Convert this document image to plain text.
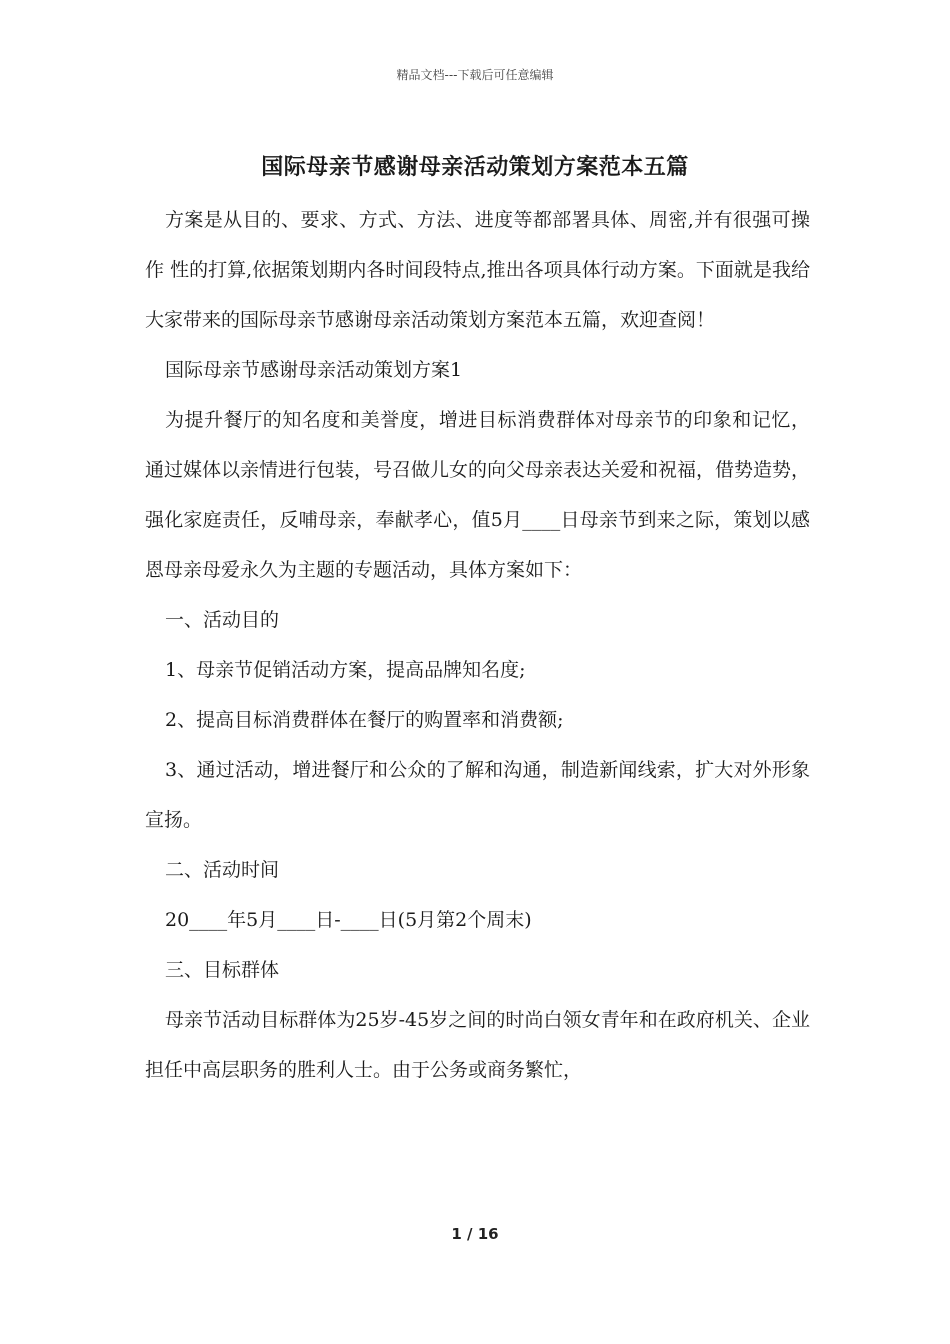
精品文档---下载后可任意编辑
国际母亲节感谢母亲活动策划方案范本五篇

方案是从目的、要求、方式、方法、进度等都部署具体、周密,并有很强可操作 性的打算,依据策划期内各时间段特点,推出各项具体行动方案。下面就是我给大家带来的国际母亲节感谢母亲活动策划方案范本五篇，欢迎查阅！

国际母亲节感谢母亲活动策划方案1

为提升餐厅的知名度和美誉度，增进目标消费群体对母亲节的印象和记忆，通过媒体以亲情进行包装，号召做儿女的向父母亲表达关爱和祝福，借势造势，强化家庭责任，反哺母亲，奉献孝心，值5月____日母亲节到来之际，策划以感恩母亲母爱永久为主题的专题活动，具体方案如下：

一、活动目的

1、母亲节促销活动方案，提高品牌知名度;

2、提高目标消费群体在餐厅的购置率和消费额;

3、通过活动，增进餐厅和公众的了解和沟通，制造新闻线索，扩大对外形象宣扬。

二、活动时间

20____年5月____日-____日(5月第2个周末)

三、目标群体

母亲节活动目标群体为25岁-45岁之间的时尚白领女青年和在政府机关、企业担任中高层职务的胜利人士。由于公务或商务繁忙，

1 / 16
